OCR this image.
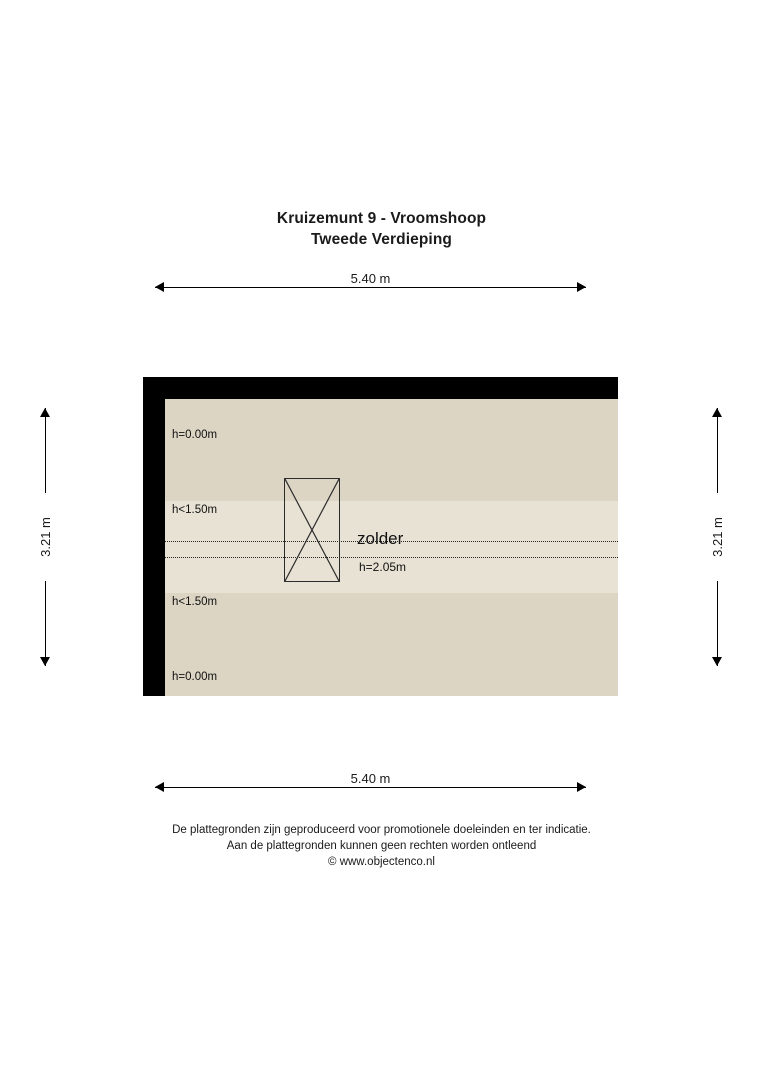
Kruizemunt 9 - Vroomshoop
Tweede Verdieping
5.40 m
3.21 m	3.21 m
h=0.00m
h<1.50m
h<1.50m
h=0.00m
h=2.05m
zolder
5.40 m
De plattegronden zijn geproduceerd voor promotionele doeleinden en ter indicatie.
Aan de plattegronden kunnen geen rechten worden ontleend
© www.objectenco.nl
